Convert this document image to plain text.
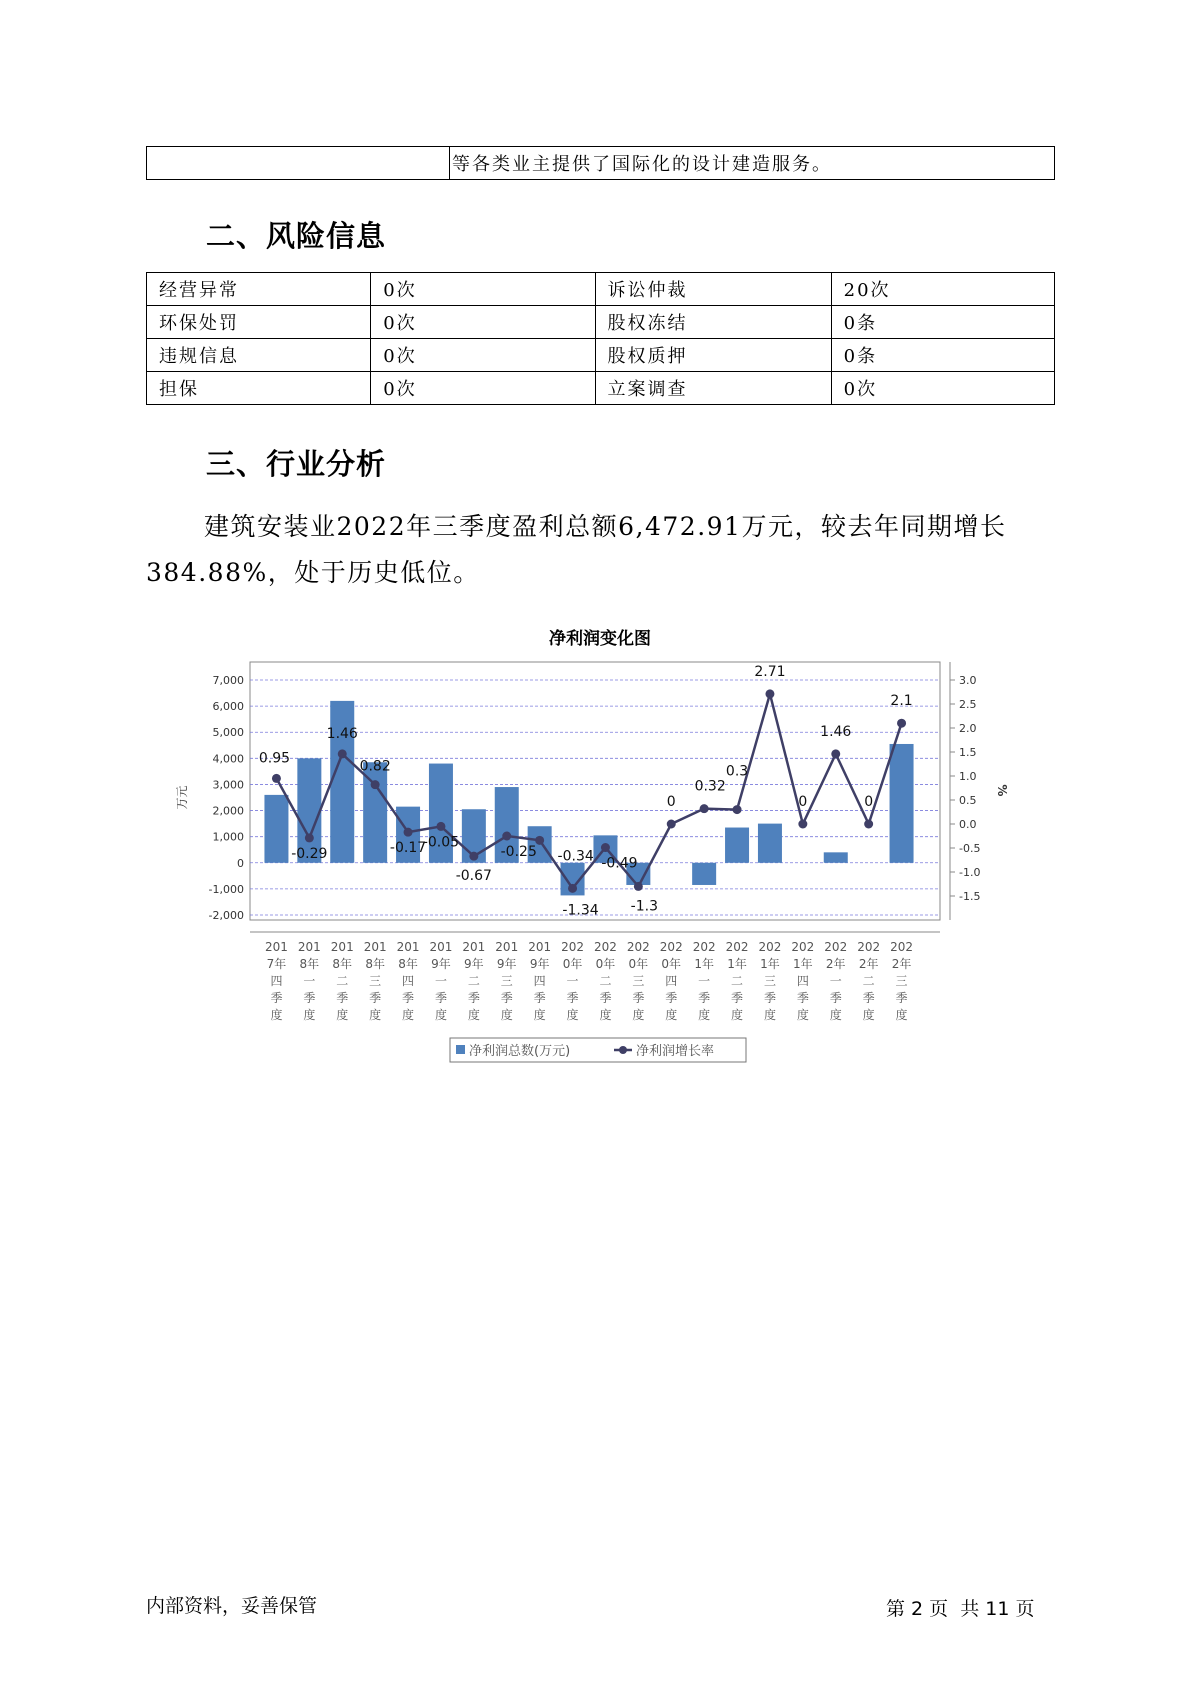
	等各类业主提供了国际化的设计建造服务。
二、风险信息
经营异常	0次	诉讼仲裁	20次
环保处罚	0次	股权冻结	0条
违规信息	0次	股权质押	0条
担保	0次	立案调查	0次
三、行业分析
建筑安装业2022年三季度盈利总额6,472.91万元，较去年同期增长384.88%，处于历史低位。
净利润变化图
7,000
6,000
5,000
4,000
3,000
2,000
1,000
0
-1,000
-2,000
3.0
2.5
2.0
1.5
1.0
0.5
0.0
-0.5
-1.0
-1.5
万元	%
201
7年
四
季
度
201
8年
一
季
度
201
8年
二
季
度
201
8年
三
季
度
201
8年
四
季
度
201
9年
一
季
度
201
9年
二
季
度
201
9年
三
季
度
201
9年
四
季
度
202
0年
一
季
度
202
0年
二
季
度
202
0年
三
季
度
202
0年
四
季
度
202
1年
一
季
度
202
1年
二
季
度
202
1年
三
季
度
202
1年
四
季
度
202
2年
一
季
度
202
2年
二
季
度
202
2年
三
季
度
0.95
-0.29
1.46
0.82
-0.17
-0.05
-0.67
-0.25 -0.34
-1.34
-0.49
-1.3
0
0.32
0.3
2.71
0
1.46
0
2.1
净利润总数(万元)	净利润增长率
内部资料，妥善保管	第 2 页  共 11 页
